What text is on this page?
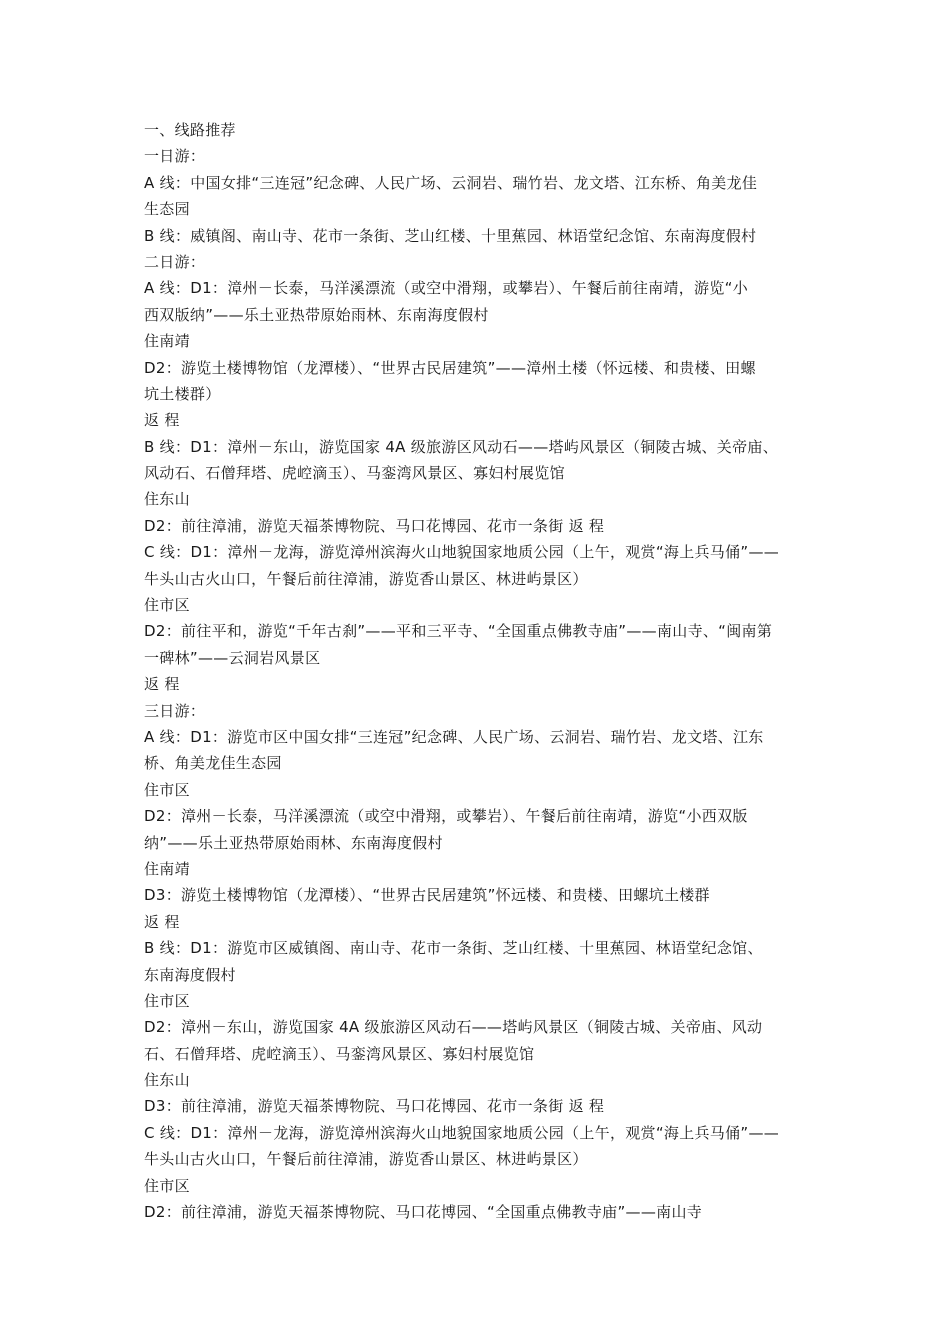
一、线路推荐
一日游：
A 线：中国女排“三连冠”纪念碑、人民广场、云洞岩、瑞竹岩、龙文塔、江东桥、角美龙佳
生态园
B 线：威镇阁、南山寺、花市一条街、芝山红楼、十里蕉园、林语堂纪念馆、东南海度假村
二日游：
A 线：D1：漳州－长泰，马洋溪漂流（或空中滑翔，或攀岩）、午餐后前往南靖，游览“小
西双版纳”——乐土亚热带原始雨林、东南海度假村
住南靖
D2：游览土楼博物馆（龙潭楼）、“世界古民居建筑”——漳州土楼（怀远楼、和贵楼、田螺
坑土楼群）
返 程
B 线：D1：漳州－东山，游览国家 4A 级旅游区风动石——塔屿风景区（铜陵古城、关帝庙、
风动石、石僧拜塔、虎崆滴玉）、马銮湾风景区、寡妇村展览馆
住东山
D2：前往漳浦，游览天福茶博物院、马口花博园、花市一条街 返 程
C 线：D1：漳州－龙海，游览漳州滨海火山地貌国家地质公园（上午，观赏“海上兵马俑”——
牛头山古火山口，午餐后前往漳浦，游览香山景区、林进屿景区）
住市区
D2：前往平和，游览“千年古刹”——平和三平寺、“全国重点佛教寺庙”——南山寺、“闽南第
一碑林”——云洞岩风景区
返 程
三日游：
A 线：D1：游览市区中国女排“三连冠”纪念碑、人民广场、云洞岩、瑞竹岩、龙文塔、江东
桥、角美龙佳生态园
住市区
D2：漳州－长泰，马洋溪漂流（或空中滑翔，或攀岩）、午餐后前往南靖，游览“小西双版
纳”——乐土亚热带原始雨林、东南海度假村
住南靖
D3：游览土楼博物馆（龙潭楼）、“世界古民居建筑”怀远楼、和贵楼、田螺坑土楼群
返 程
B 线：D1：游览市区威镇阁、南山寺、花市一条街、芝山红楼、十里蕉园、林语堂纪念馆、
东南海度假村
住市区
D2：漳州－东山，游览国家 4A 级旅游区风动石——塔屿风景区（铜陵古城、关帝庙、风动
石、石僧拜塔、虎崆滴玉）、马銮湾风景区、寡妇村展览馆
住东山
D3：前往漳浦，游览天福茶博物院、马口花博园、花市一条街 返 程
C 线：D1：漳州－龙海，游览漳州滨海火山地貌国家地质公园（上午，观赏“海上兵马俑”——
牛头山古火山口，午餐后前往漳浦，游览香山景区、林进屿景区）
住市区
D2：前往漳浦，游览天福茶博物院、马口花博园、“全国重点佛教寺庙”——南山寺
